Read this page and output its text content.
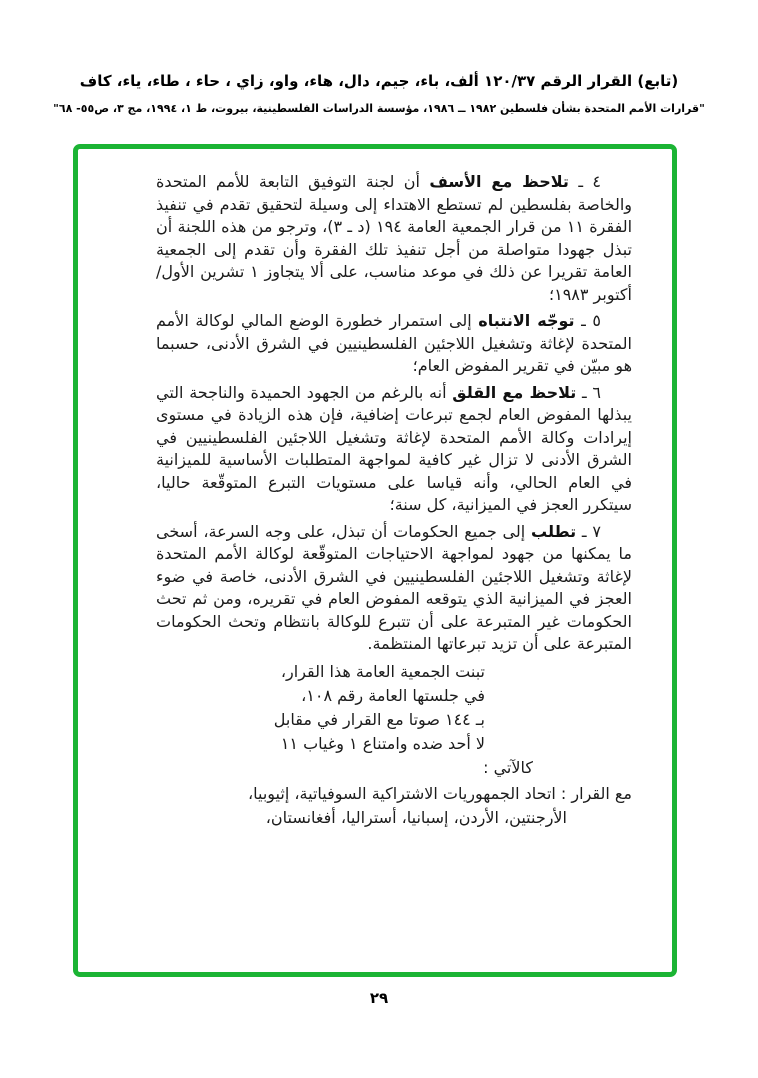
(تابع) القرار الرقم ١٢٠/٣٧ ألف، باء، جيم، دال، هاء، واو، زاي ، حاء ، طاء، ياء، كاف
"قرارات الأمم المتحدة بشأن فلسطين ١٩٨٢ ــ ١٩٨٦، مؤسسة الدراسات الفلسطينية، بيروت، ط ١، ١٩٩٤، مج ٣، ص٥٥- ٦٨"

٤ ـ تلاحظ مع الأسف أن لجنة التوفيق التابعة للأمم المتحدة والخاصة بفلسطين لم تستطع الاهتداء إلى وسيلة لتحقيق تقدم في تنفيذ الفقرة ١١ من قرار الجمعية العامة ١٩٤ (د ـ ٣)، وترجو من هذه اللجنة أن تبذل جهودا متواصلة من أجل تنفيذ تلك الفقرة وأن تقدم إلى الجمعية العامة تقريرا عن ذلك في موعد مناسب، على ألا يتجاوز ١ تشرين الأول/أكتوبر ١٩٨٣؛

٥ ـ توجّه الانتباه إلى استمرار خطورة الوضع المالي لوكالة الأمم المتحدة لإغاثة وتشغيل اللاجئين الفلسطينيين في الشرق الأدنى، حسبما هو مبيّن في تقرير المفوض العام؛

٦ ـ تلاحظ مع القلق أنه بالرغم من الجهود الحميدة والناجحة التي يبذلها المفوض العام لجمع تبرعات إضافية، فإن هذه الزيادة في مستوى إيرادات وكالة الأمم المتحدة لإغاثة وتشغيل اللاجئين الفلسطينيين في الشرق الأدنى لا تزال غير كافية لمواجهة المتطلبات الأساسية للميزانية في العام الحالي، وأنه قياسا على مستويات التبرع المتوقّعة حاليا، سيتكرر العجز في الميزانية، كل سنة؛

٧ ـ تطلب إلى جميع الحكومات أن تبذل، على وجه السرعة، أسخى ما يمكنها من جهود لمواجهة الاحتياجات المتوقّعة لوكالة الأمم المتحدة لإغاثة وتشغيل اللاجئين الفلسطينيين في الشرق الأدنى، خاصة في ضوء العجز في الميزانية الذي يتوقعه المفوض العام في تقريره، ومن ثم تحث الحكومات غير المتبرعة على أن تتبرع للوكالة بانتظام وتحث الحكومات المتبرعة على أن تزيد تبرعاتها المنتظمة.

تبنت الجمعية العامة هذا القرار،
في جلستها العامة رقم ١٠٨،
بـ ١٤٤ صوتا مع القرار في مقابل
لا أحد ضده وامتناع ١ وغياب ١١
كالآتي :
مع القرار : اتحاد الجمهوريات الاشتراكية السوفياتية، إثيوبيا،
الأرجنتين، الأردن، إسبانيا، أستراليا، أفغانستان،
٢٩
